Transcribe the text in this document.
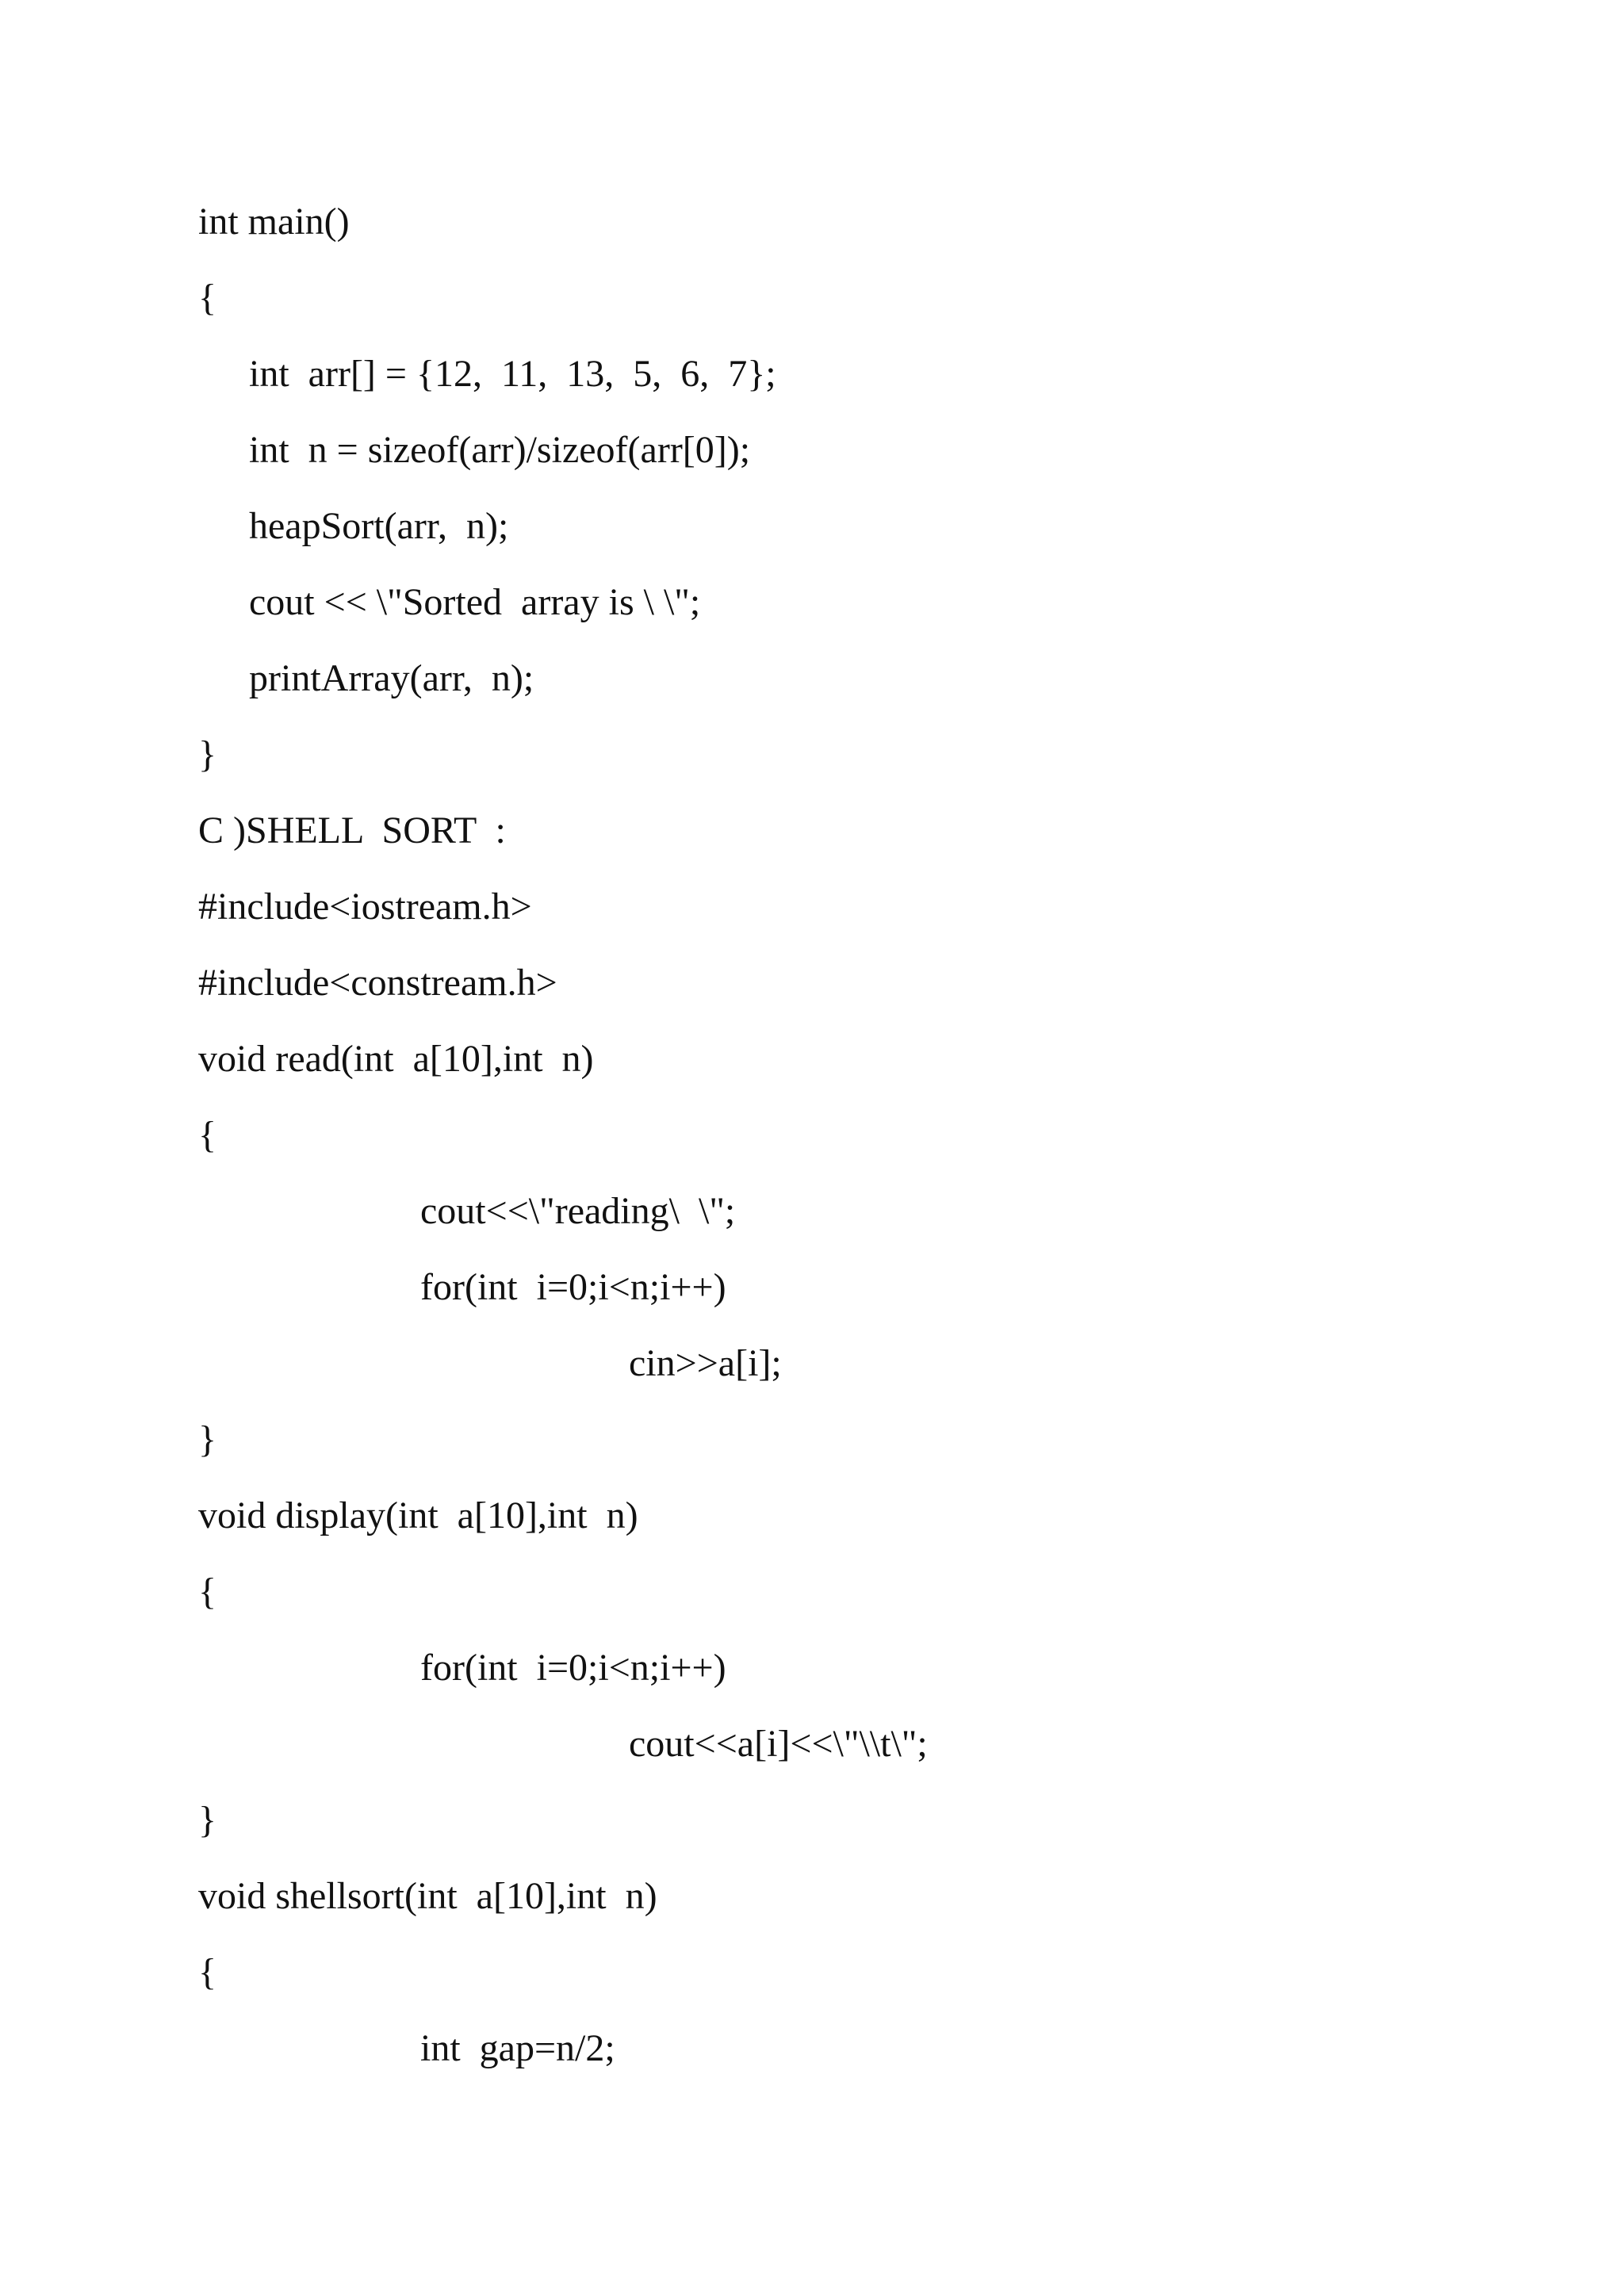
int main()
{
int  arr[] = {12,  11,  13,  5,  6,  7};
int  n = sizeof(arr)/sizeof(arr[0]);
heapSort(arr,  n);
cout << \"Sorted  array is \ \";
printArray(arr,  n);
}
C )SHELL  SORT  :
#include<iostream.h>
#include<constream.h>
void read(int  a[10],int  n)
{
cout<<\"reading\  \";
for(int  i=0;i<n;i++)
cin>>a[i];
}
void display(int  a[10],int  n)
{
for(int  i=0;i<n;i++)
cout<<a[i]<<\"\\t\";
}
void shellsort(int  a[10],int  n)
{
int  gap=n/2;
